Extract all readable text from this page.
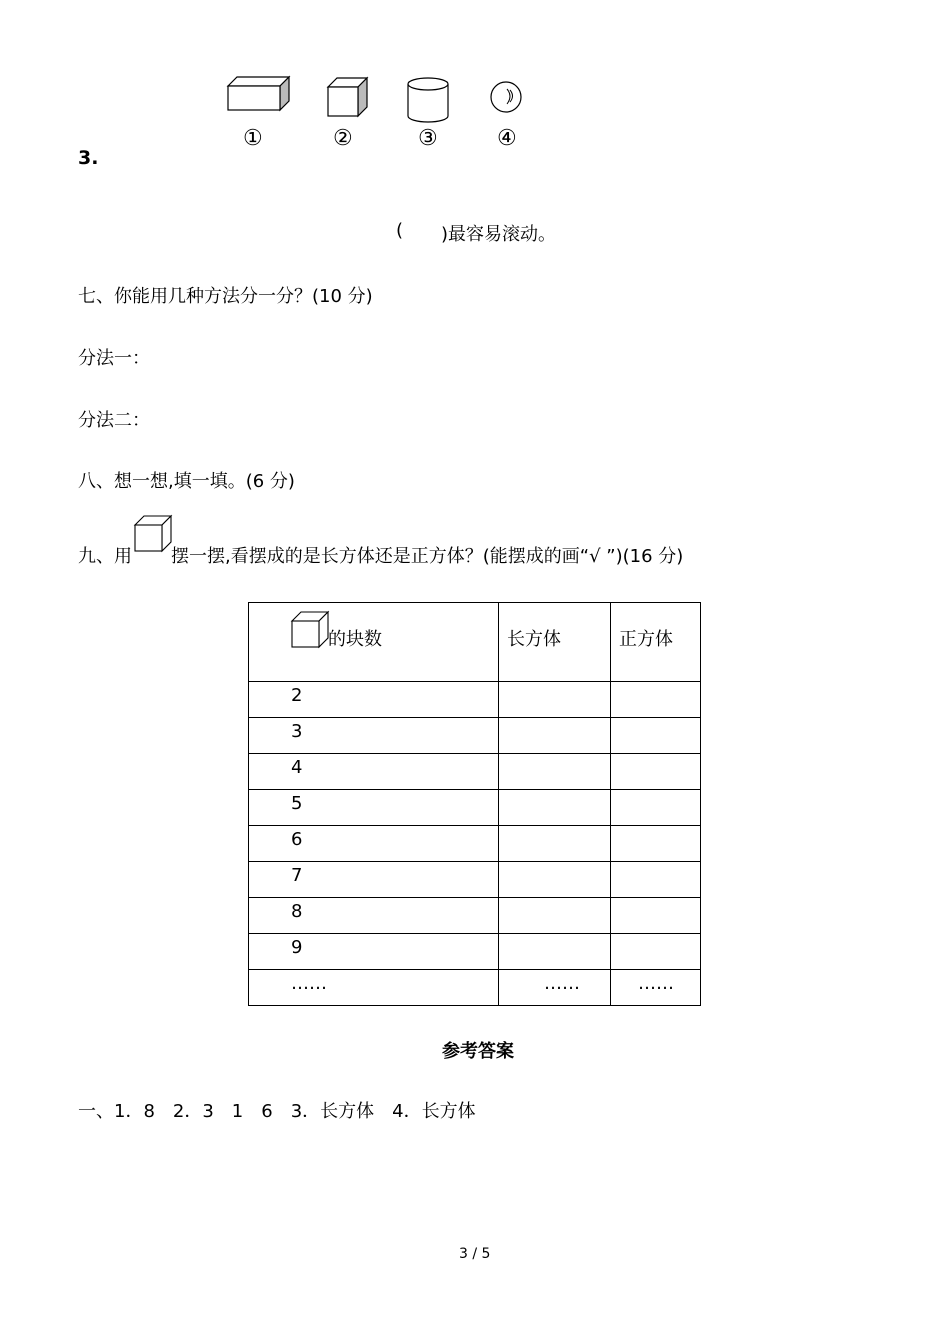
①	②	③	④
3.
( )最容易滚动。
七、你能用几种方法分一分？(10 分)
分法一：
分法二：
八、想一想,填一填。(6 分)
九、用 摆一摆,看摆成的是长方体还是正方体？(能摆成的画“√ ”)(16 分)
的块数	长方体	正方体

2		

3		

4		

5		

6		

7		

8		

9		

……	……	……
参考答案
一、1．8　2．3　1　6　3．长方体　4．长方体
3 / 5
